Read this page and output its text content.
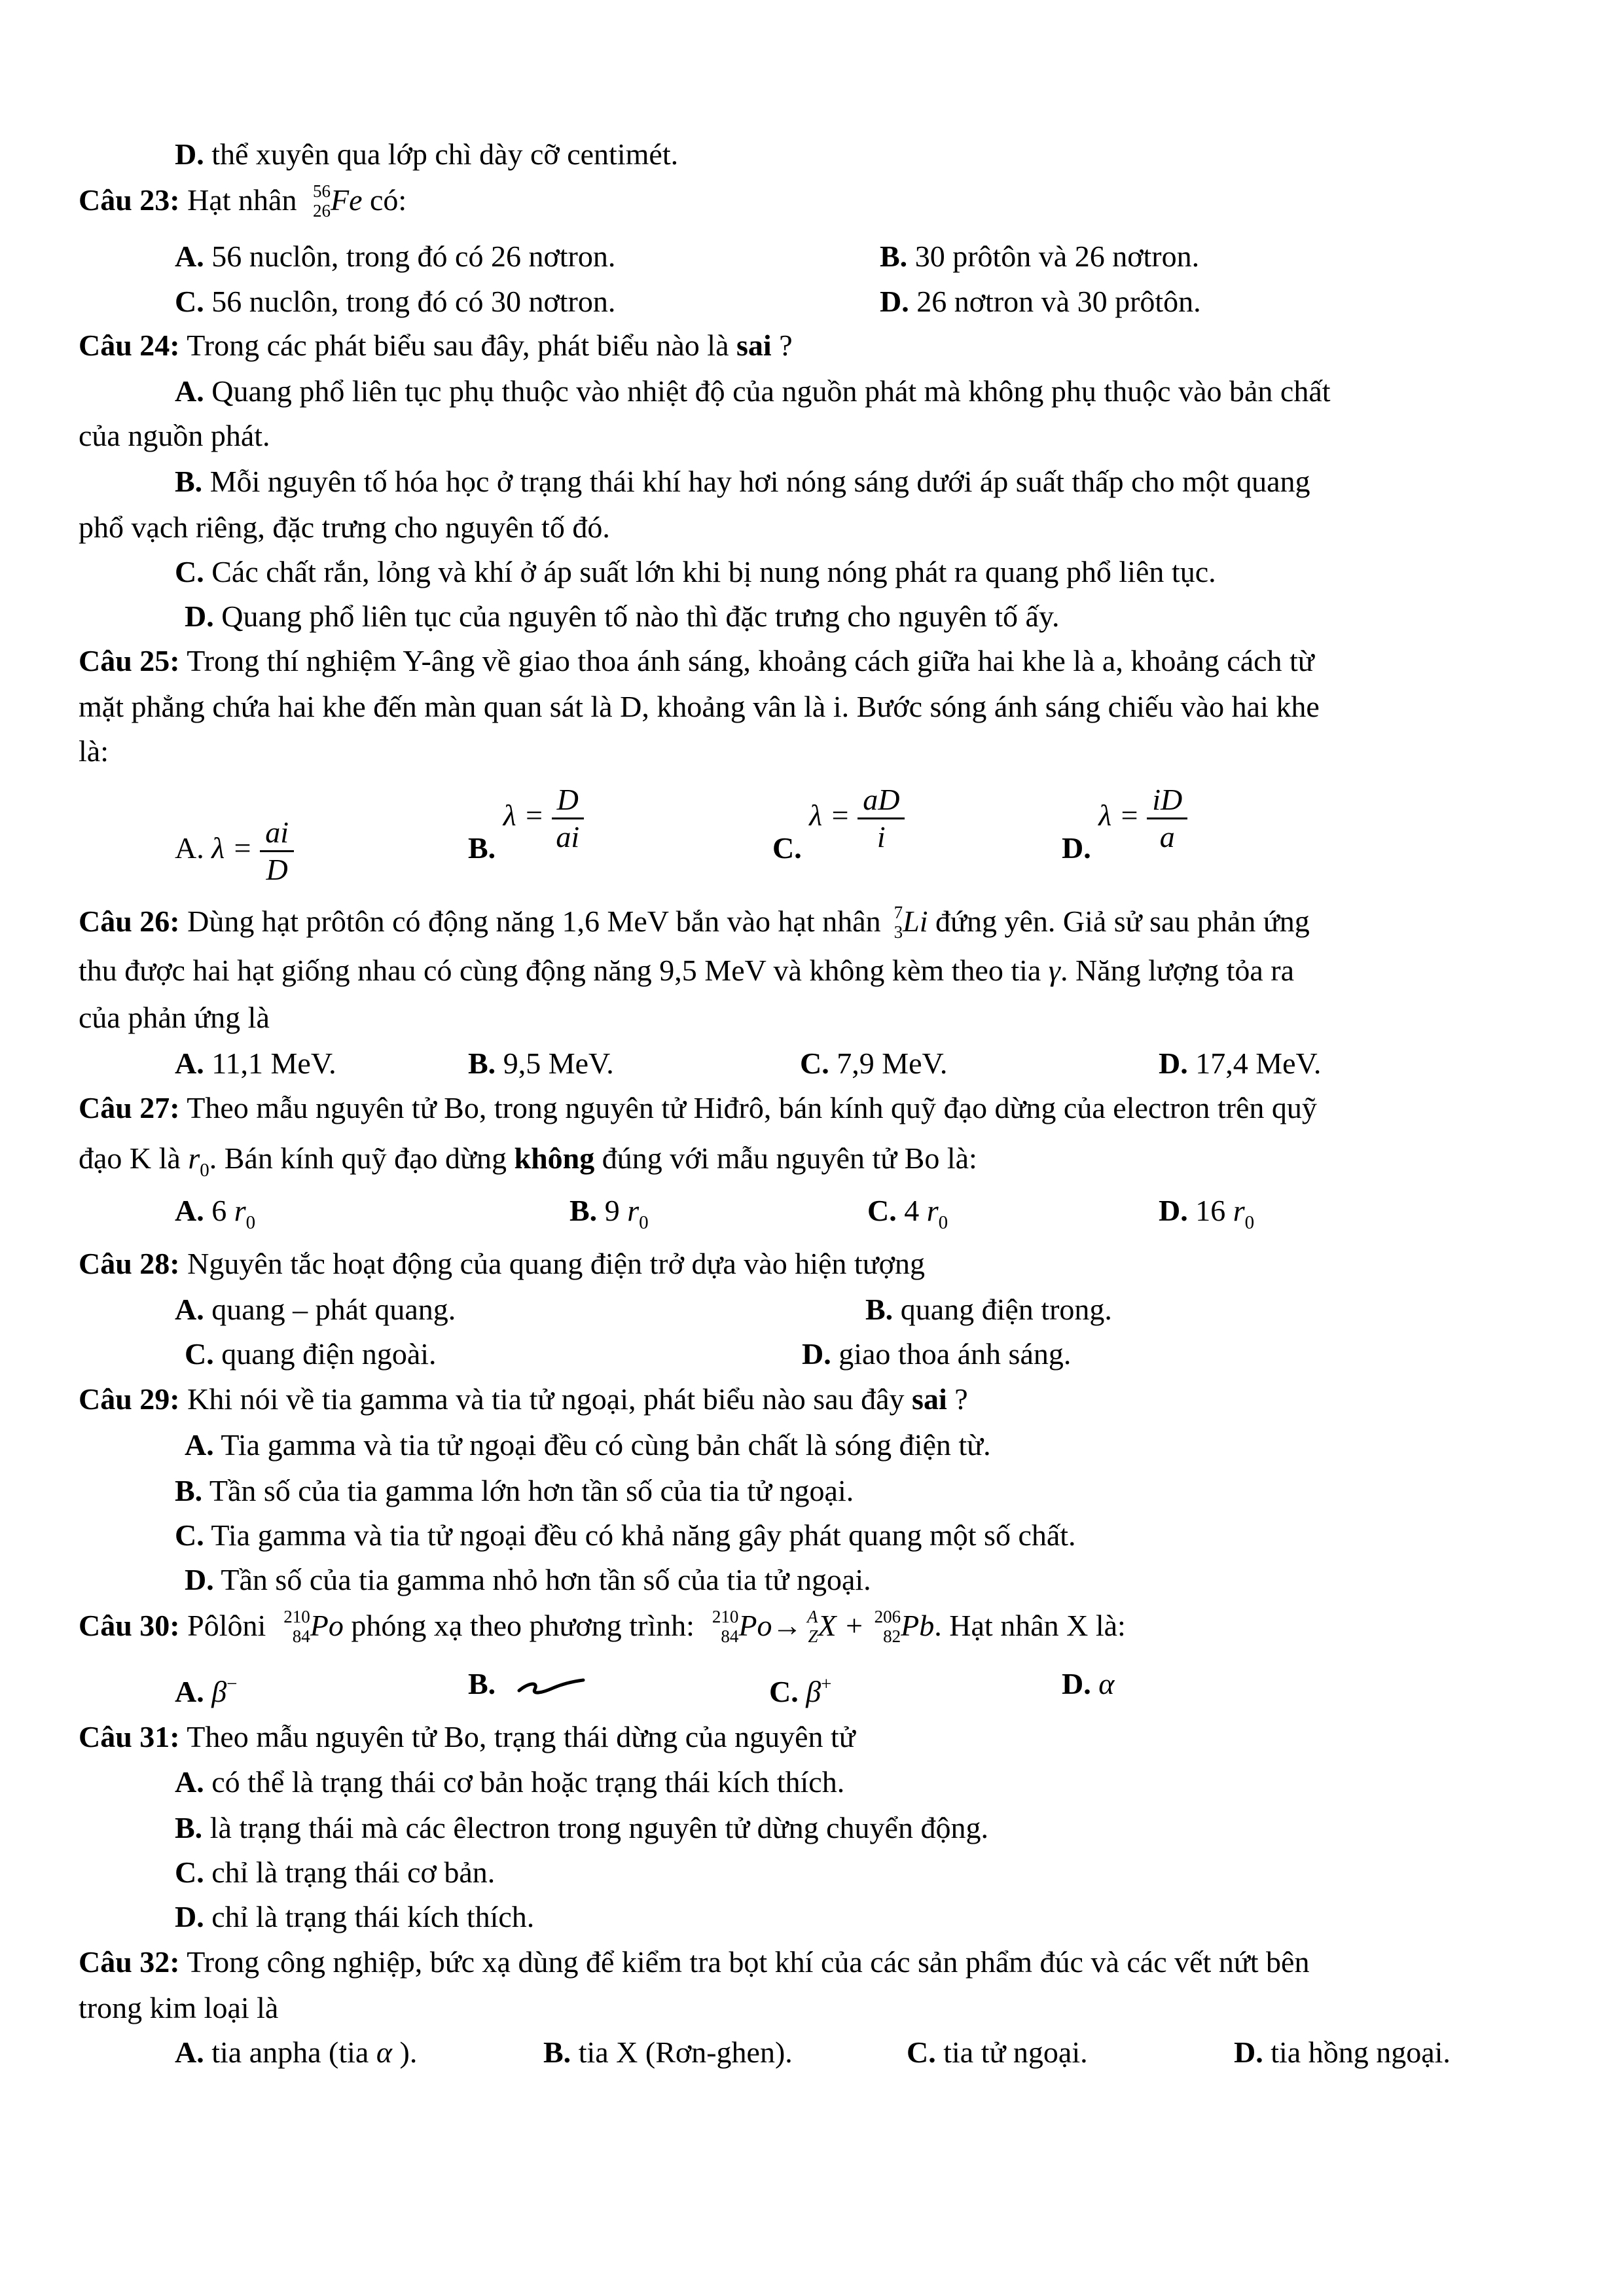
D. thể xuyên qua lớp chì dày cỡ centimét.
Câu 23: Hạt nhân 56
26 Fe có:
A. 56 nuclôn, trong đó có 26 nơtron.	B. 30 prôtôn và 26 nơtron.
C. 56 nuclôn, trong đó có 30 nơtron.	D. 26 nơtron và 30 prôtôn.
Câu 24: Trong các phát biểu sau đây, phát biểu nào là sai ?
A. Quang phổ liên tục phụ thuộc vào nhiệt độ của nguồn phát mà không phụ thuộc vào bản chất
của nguồn phát.
B. Mỗi nguyên tố hóa học ở trạng thái khí hay hơi nóng sáng dưới áp suất thấp cho một quang
phổ vạch riêng, đặc trưng cho nguyên tố đó.
C. Các chất rắn, lỏng và khí ở áp suất lớn khi bị nung nóng phát ra quang phổ liên tục.
D. Quang phổ liên tục của nguyên tố nào thì đặc trưng cho nguyên tố ấy.
Câu 25: Trong thí nghiệm Y-âng về giao thoa ánh sáng, khoảng cách giữa hai khe là a, khoảng cách từ
mặt phẳng chứa hai khe đến màn quan sát là D, khoảng vân là i. Bước sóng ánh sáng chiếu vào hai khe
là:
A. $\lambda = \frac{ai}{D}$	B. $\lambda = \frac{D}{ai}$	C. $\lambda = \frac{aD}{i}$	D. $\lambda = \frac{iD}{a}$
Câu 26: Dùng hạt prôtôn có động năng 1,6 MeV bắn vào hạt nhân 7
3 Li đứng yên. Giả sử sau phản ứng
thu được hai hạt giống nhau có cùng động năng 9,5 MeV và không kèm theo tia γ. Năng lượng tỏa ra
của phản ứng là
A. 11,1 MeV.	B. 9,5 MeV.	C. 7,9 MeV.	D. 17,4 MeV.
Câu 27: Theo mẫu nguyên tử Bo, trong nguyên tử Hiđrô, bán kính quỹ đạo dừng của electron trên quỹ
đạo K là $r_0$. Bán kính quỹ đạo dừng không đúng với mẫu nguyên tử Bo là:
A. 6 $r_0$	B. 9 $r_0$	C. 4 $r_0$	D. 16 $r_0$
Câu 28: Nguyên tắc hoạt động của quang điện trở dựa vào hiện tượng
A. quang – phát quang.	B. quang điện trong.
C. quang điện ngoài.	D. giao thoa ánh sáng.
Câu 29: Khi nói về tia gamma và tia tử ngoại, phát biểu nào sau đây sai ?
A. Tia gamma và tia tử ngoại đều có cùng bản chất là sóng điện từ.
B. Tần số của tia gamma lớn hơn tần số của tia tử ngoại.
C. Tia gamma và tia tử ngoại đều có khả năng gây phát quang một số chất.
D. Tần số của tia gamma nhỏ hơn tần số của tia tử ngoại.
Câu 30: Pôlôni 210
84 Po phóng xạ theo phương trình: 210
84 Po→ A
Z X + 206
82 Pb. Hạt nhân X là:
A. β−	B.	C. β+	D. α
Câu 31: Theo mẫu nguyên tử Bo, trạng thái dừng của nguyên tử
A. có thể là trạng thái cơ bản hoặc trạng thái kích thích.
B. là trạng thái mà các êlectron trong nguyên tử dừng chuyển động.
C. chỉ là trạng thái cơ bản.
D. chỉ là trạng thái kích thích.
Câu 32: Trong công nghiệp, bức xạ dùng để kiểm tra bọt khí của các sản phẩm đúc và các vết nứt bên
trong kim loại là
A. tia anpha (tia α ).	B. tia X (Rơn-ghen).	C. tia tử ngoại.	D. tia hồng ngoại.
